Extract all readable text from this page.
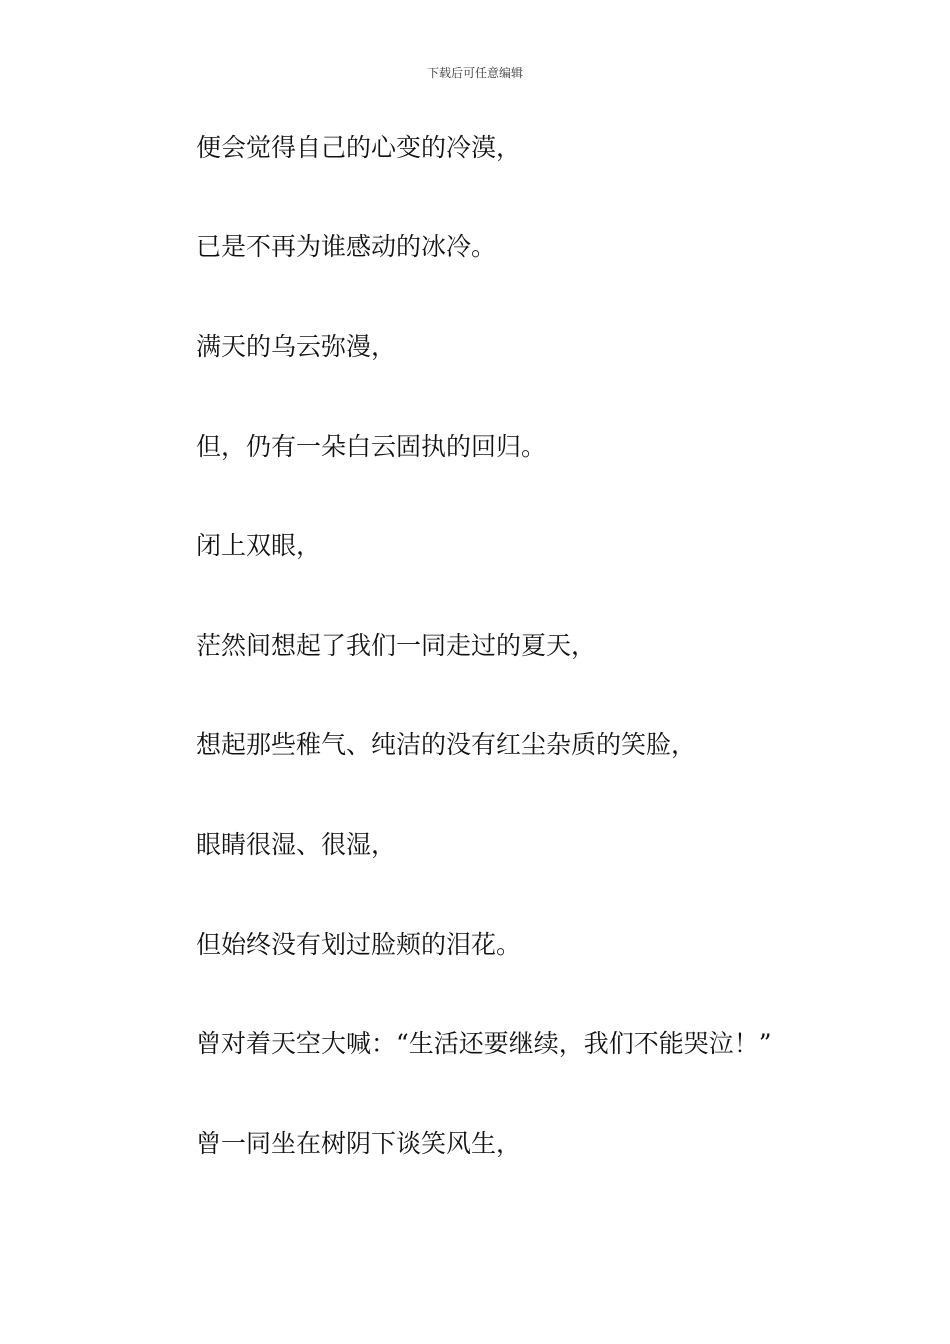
下载后可任意编辑
便会觉得自己的心变的冷漠，
已是不再为谁感动的冰冷。
满天的乌云弥漫，
但，仍有一朵白云固执的回归。
闭上双眼，
茫然间想起了我们一同走过的夏天，
想起那些稚气、纯洁的没有红尘杂质的笑脸，
眼睛很湿、很湿，
但始终没有划过脸颊的泪花。
曾对着天空大喊：“生活还要继续，我们不能哭泣！”
曾一同坐在树阴下谈笑风生，
